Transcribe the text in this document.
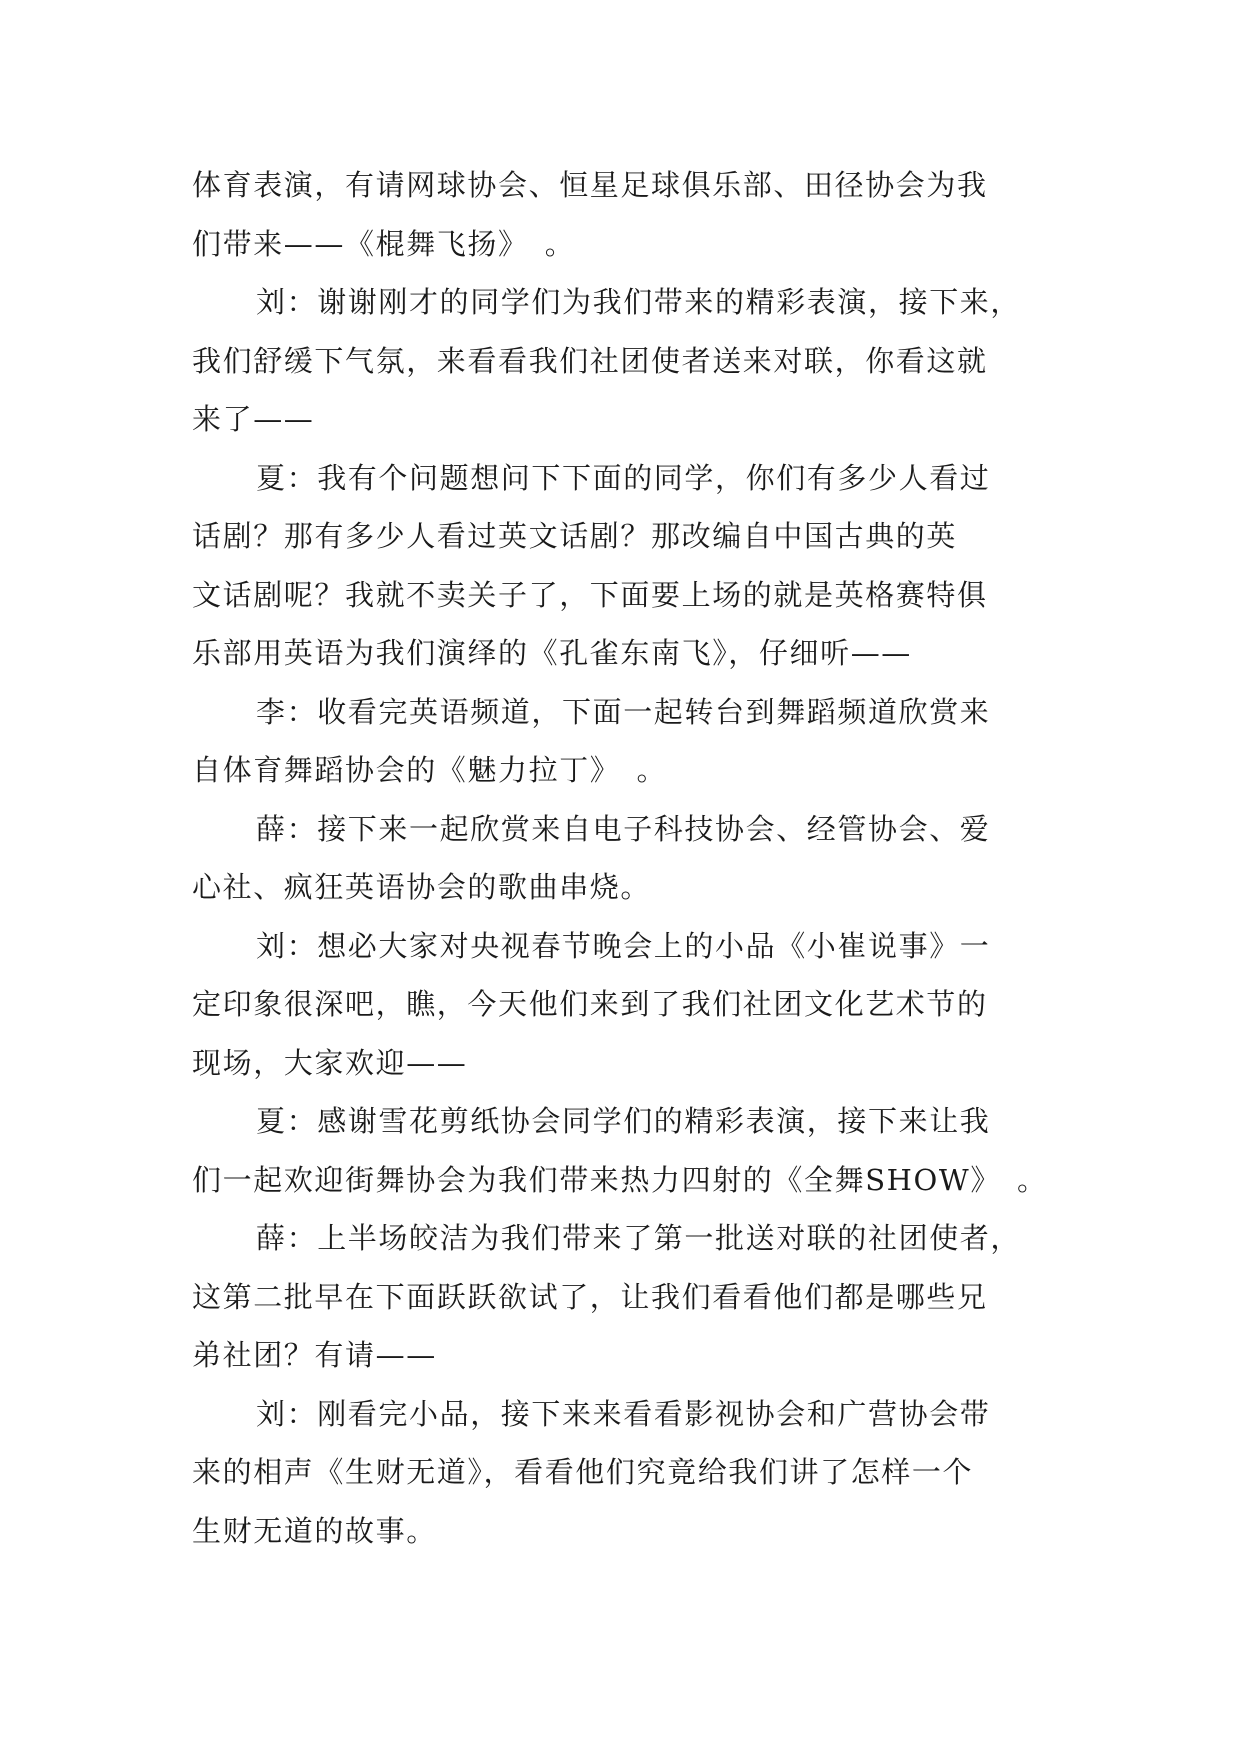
体育表演，有请网球协会、恒星足球俱乐部、田径协会为我
们带来——《棍舞飞扬》　。
刘：谢谢刚才的同学们为我们带来的精彩表演，接下来，
我们舒缓下气氛，来看看我们社团使者送来对联，你看这就
来了——
夏：我有个问题想问下下面的同学，你们有多少人看过
话剧？那有多少人看过英文话剧？那改编自中国古典的英
文话剧呢？我就不卖关子了，下面要上场的就是英格赛特俱
乐部用英语为我们演绎的《孔雀东南飞》，仔细听——
李：收看完英语频道，下面一起转台到舞蹈频道欣赏来
自体育舞蹈协会的《魅力拉丁》　。
薛：接下来一起欣赏来自电子科技协会、经管协会、爱
心社、疯狂英语协会的歌曲串烧。
刘：想必大家对央视春节晚会上的小品《小崔说事》一
定印象很深吧，瞧，今天他们来到了我们社团文化艺术节的
现场，大家欢迎——
夏：感谢雪花剪纸协会同学们的精彩表演，接下来让我
们一起欢迎街舞协会为我们带来热力四射的《全舞SHOW》　。
薛：上半场皎洁为我们带来了第一批送对联的社团使者，
这第二批早在下面跃跃欲试了，让我们看看他们都是哪些兄
弟社团？有请——
刘：刚看完小品，接下来来看看影视协会和广营协会带
来的相声《生财无道》，看看他们究竟给我们讲了怎样一个
生财无道的故事。
